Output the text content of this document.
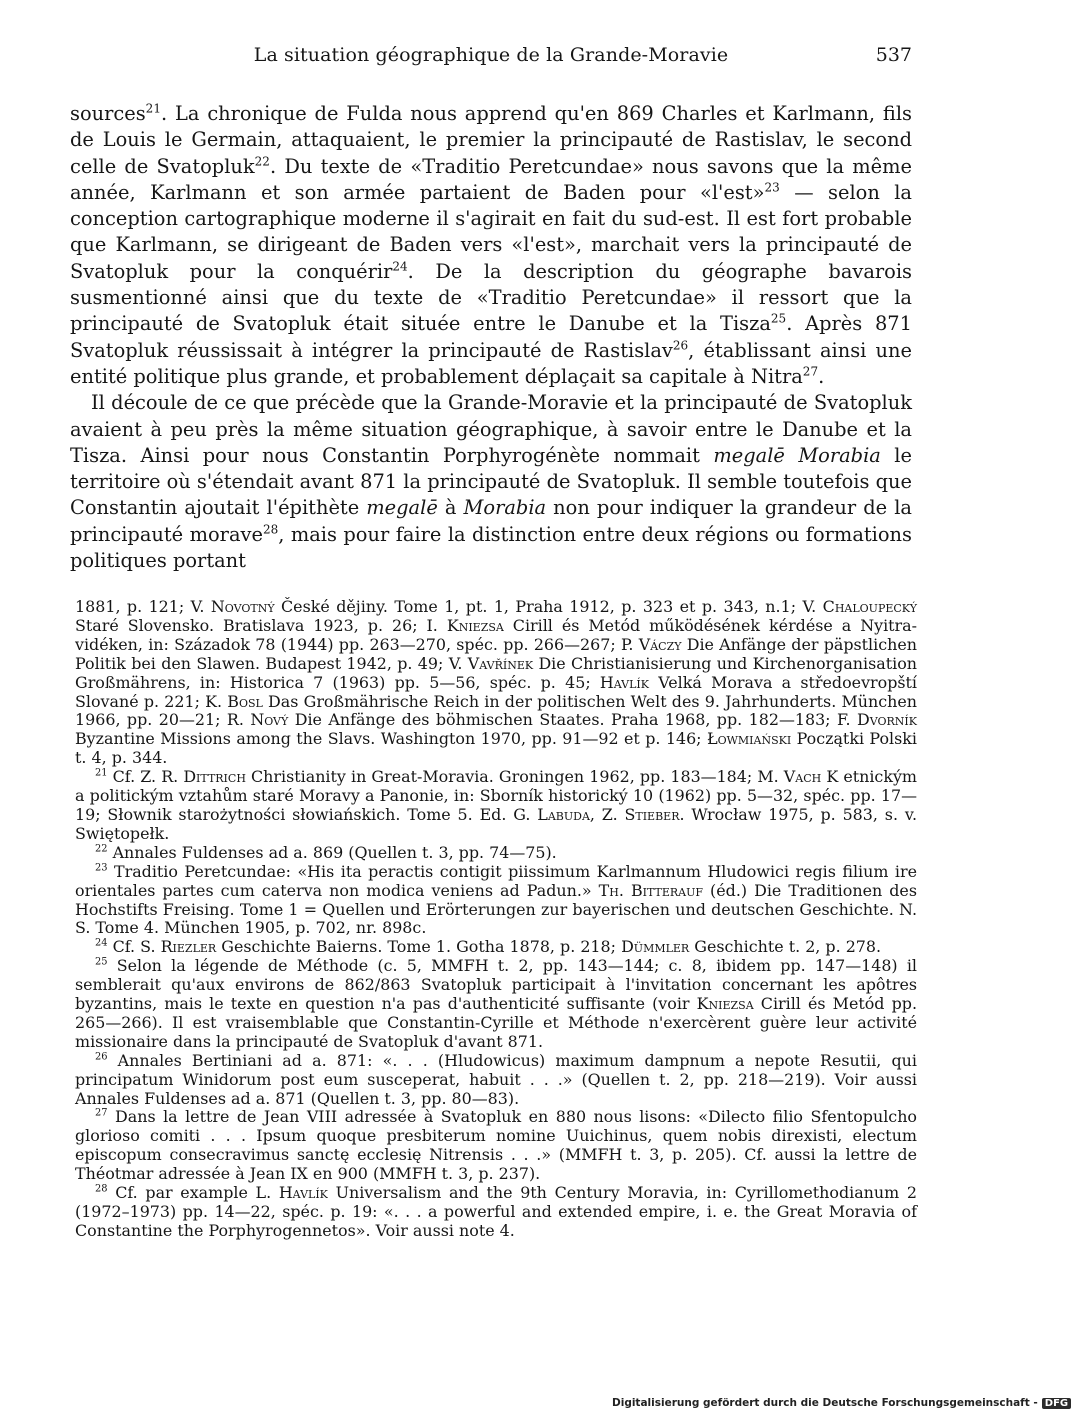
La situation géographique de la Grande-Moravie	537

sources$^{21}$. La chronique de Fulda nous apprend qu'en 869 Charles et Karlmann, fils de Louis le Germain, attaquaient, le premier la principauté de Rastislav, le second celle de Svatopluk$^{22}$. Du texte de «Traditio Peretcundae» nous savons que la même année, Karlmann et son armée partaient de Baden pour «l'est»$^{23}$ — selon la conception cartographique moderne il s'agirait en fait du sud-est. Il est fort probable que Karlmann, se dirigeant de Baden vers «l'est», marchait vers la principauté de Svatopluk pour la conquérir$^{24}$. De la description du géographe bavarois susmentionné ainsi que du texte de «Traditio Peretcundae» il ressort que la principauté de Svatopluk était située entre le Danube et la Tisza$^{25}$. Après 871 Svatopluk réussissait à intégrer la principauté de Rastislav$^{26}$, établissant ainsi une entité politique plus grande, et probablement déplaçait sa capitale à Nitra$^{27}$.

Il découle de ce que précède que la Grande-Moravie et la principauté de Svatopluk avaient à peu près la même situation géographique, à savoir entre le Danube et la Tisza. Ainsi pour nous Constantin Porphyrogénète nommait megalē Morabia le territoire où s'étendait avant 871 la principauté de Svatopluk. Il semble toutefois que Constantin ajoutait l'épithète megalē à Morabia non pour indiquer la grandeur de la principauté morave$^{28}$, mais pour faire la distinction entre deux régions ou formations politiques portant

1881, p. 121; V. Novotný České dějiny. Tome 1, pt. 1, Praha 1912, p. 323 et p. 343, n.1; V. Chaloupecký Staré Slovensko. Bratislava 1923, p. 26; I. Kniezsa Cirill és Metód működésének kérdése a Nyitra-vidéken, in: Századok 78 (1944) pp. 263—270, spéc. pp. 266—267; P. Váczy Die Anfänge der päpstlichen Politik bei den Slawen. Budapest 1942, p. 49; V. Vavřínek Die Christianisierung und Kirchenorganisation Großmährens, in: Historica 7 (1963) pp. 5—56, spéc. p. 45; Havlík Velká Morava a středoevropští Slované p. 221; K. Bosl Das Großmährische Reich in der politischen Welt des 9. Jahrhunderts. München 1966, pp. 20—21; R. Nový Die Anfänge des böhmischen Staates. Praha 1968, pp. 182—183; F. Dvorník Byzantine Missions among the Slavs. Washington 1970, pp. 91—92 et p. 146; Łowmiański Początki Polski t. 4, p. 344.

$^{21}$ Cf. Z. R. Dittrich Christianity in Great-Moravia. Groningen 1962, pp. 183—184; M. Vach K etnickým a politickým vztahům staré Moravy a Panonie, in: Sborník historický 10 (1962) pp. 5—32, spéc. pp. 17—19; Słownik starożytności słowiańskich. Tome 5. Ed. G. Labuda, Z. Stieber. Wrocław 1975, p. 583, s. v. Swiętopełk.

$^{22}$ Annales Fuldenses ad a. 869 (Quellen t. 3, pp. 74—75).

$^{23}$ Traditio Peretcundae: «His ita peractis contigit piissimum Karlmannum Hludowici regis filium ire orientales partes cum caterva non modica veniens ad Padun.» Th. Bitterauf (éd.) Die Traditionen des Hochstifts Freising. Tome 1 = Quellen und Erörterungen zur bayerischen und deutschen Geschichte. N. S. Tome 4. München 1905, p. 702, nr. 898c.

$^{24}$ Cf. S. Riezler Geschichte Baierns. Tome 1. Gotha 1878, p. 218; Dümmler Geschichte t. 2, p. 278.

$^{25}$ Selon la légende de Méthode (c. 5, MMFH t. 2, pp. 143—144; c. 8, ibidem pp. 147—148) il semblerait qu'aux environs de 862/863 Svatopluk participait à l'invitation concernant les apôtres byzantins, mais le texte en question n'a pas d'authenticité suffisante (voir Kniezsa Cirill és Metód pp. 265—266). Il est vraisemblable que Constantin-Cyrille et Méthode n'exercèrent guère leur activité missionaire dans la principauté de Svatopluk d'avant 871.

$^{26}$ Annales Bertiniani ad a. 871: «. . . (Hludowicus) maximum dampnum a nepote Resutii, qui principatum Winidorum post eum susceperat, habuit . . .» (Quellen t. 2, pp. 218—219). Voir aussi Annales Fuldenses ad a. 871 (Quellen t. 3, pp. 80—83).

$^{27}$ Dans la lettre de Jean VIII adressée à Svatopluk en 880 nous lisons: «Dilecto filio Sfentopulcho glorioso comiti . . . Ipsum quoque presbiterum nomine Uuichinus, quem nobis direxisti, electum episcopum consecravimus sanctę ecclesię Nitrensis . . .» (MMFH t. 3, p. 205). Cf. aussi la lettre de Théotmar adressée à Jean IX en 900 (MMFH t. 3, p. 237).

$^{28}$ Cf. par example L. Havlík Universalism and the 9th Century Moravia, in: Cyrillomethodianum 2 (1972–1973) pp. 14—22, spéc. p. 19: «. . . a powerful and extended empire, i. e. the Great Moravia of Constantine the Porphyrogennetos». Voir aussi note 4.

Digitalisierung gefördert durch die Deutsche Forschungsgemeinschaft - DFG
